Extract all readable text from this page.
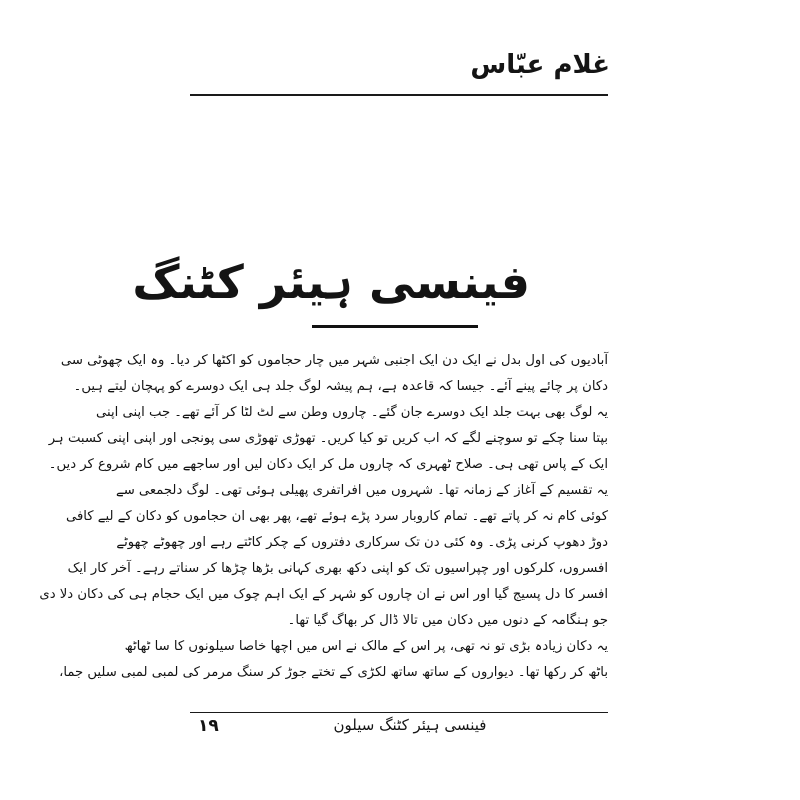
غلام عبّاس
فینسی ہیئر کٹنگ
آبادیوں کی اول بدل نے ایک دن ایک اجنبی شہر میں چار حجاموں کو اکٹھا کر دیا۔ وہ ایک چھوٹی سی
دکان پر چائے پینے آئے۔ جیسا کہ قاعدہ ہے، ہم پیشہ لوگ جلد ہی ایک دوسرے کو پہچان لیتے ہیں۔
یہ لوگ بھی بہت جلد ایک دوسرے جان گئے۔ چاروں وطن سے لٹ لٹا کر آئے تھے۔ جب اپنی اپنی
بپتا سنا چکے تو سوچنے لگے کہ اب کریں تو کیا کریں۔ تھوڑی تھوڑی سی پونجی اور اپنی اپنی کسبت ہر
ایک کے پاس تھی ہی۔ صلاح ٹھہری کہ چاروں مل کر ایک دکان لیں اور ساجھے میں کام شروع کر دیں۔
یہ تقسیم کے آغاز کے زمانہ تھا۔ شہروں میں افراتفری پھیلی ہوئی تھی۔ لوگ دلجمعی سے
کوئی کام نہ کر پاتے تھے۔ تمام کاروبار سرد پڑے ہوئے تھے، پھر بھی ان حجاموں کو دکان کے لیے کافی
دوڑ دھوپ کرنی پڑی۔ وہ کئی دن تک سرکاری دفتروں کے چکر کاٹتے رہے اور چھوٹے چھوٹے
افسروں، کلرکوں اور چپراسیوں تک کو اپنی دکھ بھری کہانی بڑھا چڑھا کر سناتے رہے۔ آخر کار ایک
افسر کا دل پسیج گیا اور اس نے ان چاروں کو شہر کے ایک اہم چوک میں ایک حجام ہی کی دکان دلا دی
جو ہنگامہ کے دنوں میں دکان میں تالا ڈال کر بھاگ گیا تھا۔
یہ دکان زیادہ بڑی تو نہ تھی، پر اس کے مالک نے اس میں اچھا خاصا سیلونوں کا سا ٹھاٹھ
باٹھ کر رکھا تھا۔ دیواروں کے ساتھ ساتھ لکڑی کے تختے جوڑ کر سنگ مرمر کی لمبی لمبی سلیں جما،
فینسی ہیئر کٹنگ سیلون
۱۹
